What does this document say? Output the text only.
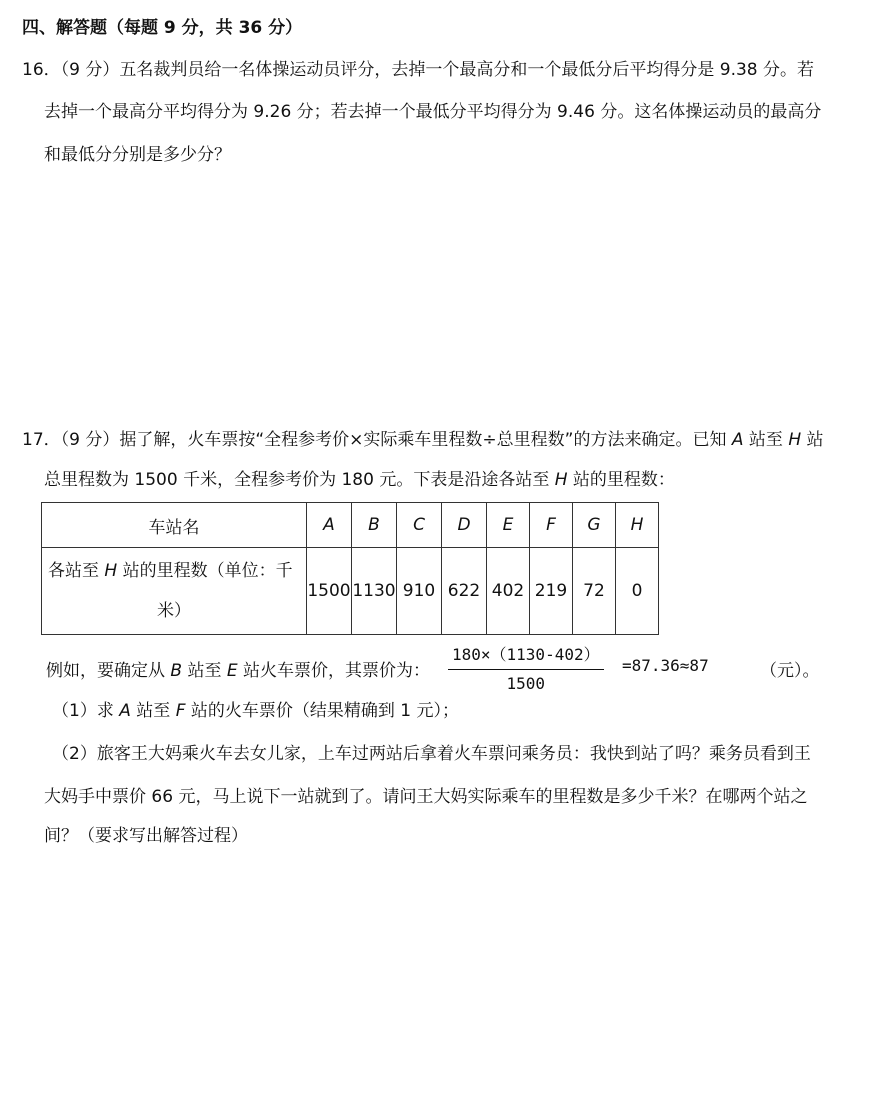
四、解答题（每题 9 分，共 36 分）
16．（9 分）五名裁判员给一名体操运动员评分，去掉一个最高分和一个最低分后平均得分是 9.38 分。若
去掉一个最高分平均得分为 9.26 分；若去掉一个最低分平均得分为 9.46 分。这名体操运动员的最高分
和最低分分别是多少分？
17．（9 分）据了解，火车票按“全程参考价×实际乘车里程数÷总里程数”的方法来确定。已知 A 站至 H 站
总里程数为 1500 千米，全程参考价为 180 元。下表是沿途各站至 H 站的里程数：
车站名	A	B	C	D	E	F	G	H

各站至 H 站的里程数（单位：千
米）	1500	1130	910	622	402	219	72	0
例如，要确定从 B 站至 E 站火车票价，其票价为：
180×（1130-402）
1500
=87.36≈87	（元）。
（1）求 A 站至 F 站的火车票价（结果精确到 1 元）；
（2）旅客王大妈乘火车去女儿家，上车过两站后拿着火车票问乘务员：我快到站了吗？乘务员看到王
大妈手中票价 66 元，马上说下一站就到了。请问王大妈实际乘车的里程数是多少千米？在哪两个站之
间？（要求写出解答过程）
